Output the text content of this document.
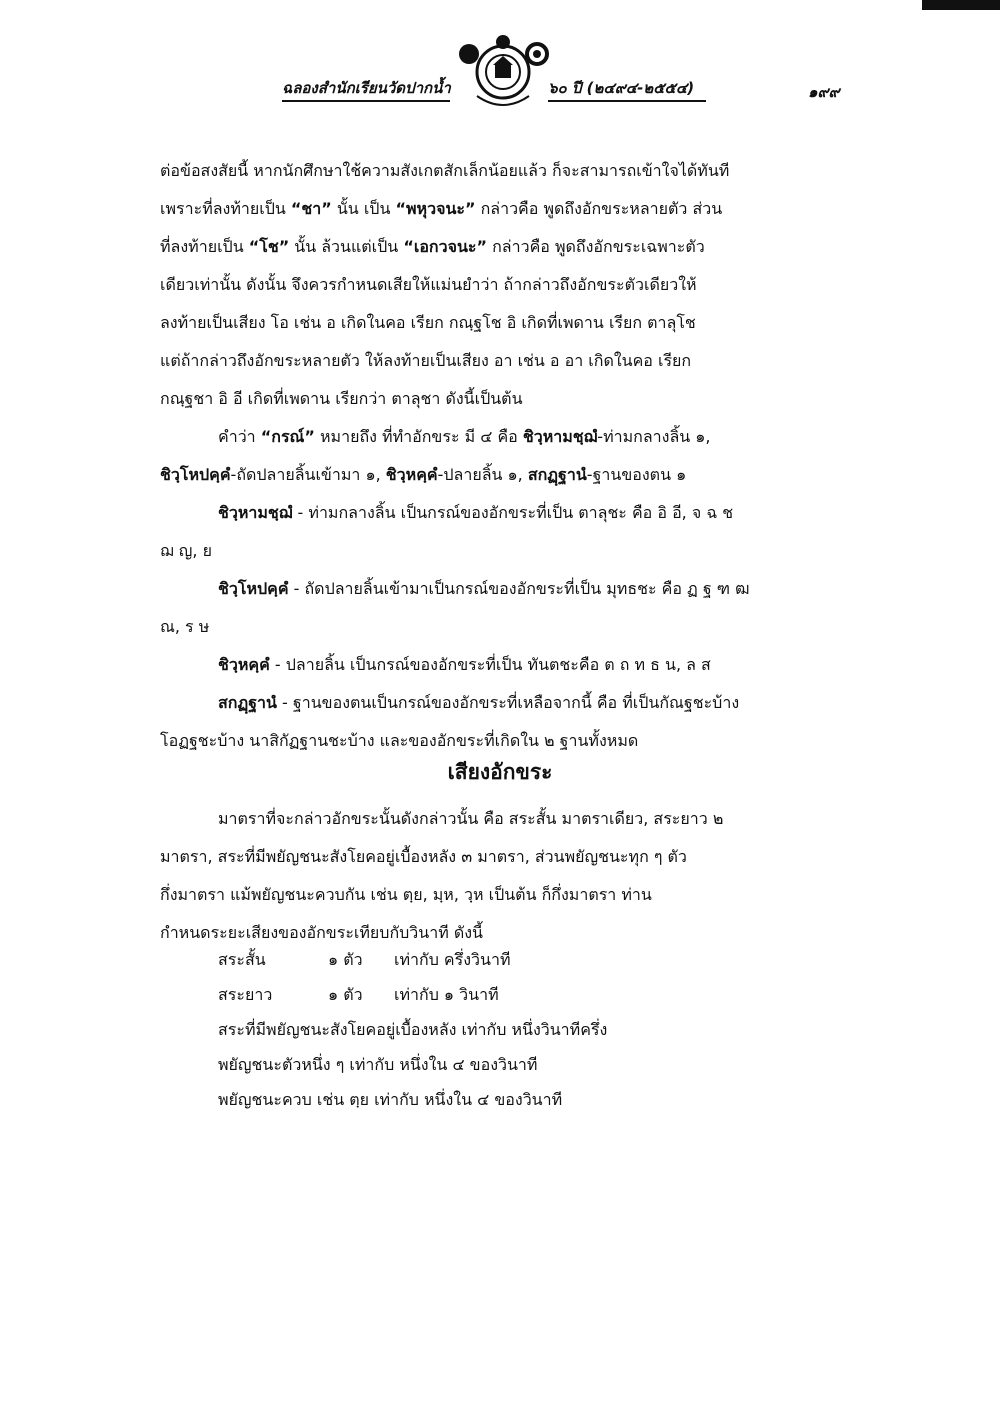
ฉลองสำนักเรียนวัดปากน้ำ	๖๐ ปี (๒๔๙๔-๒๕๕๔)	๑๙๙
ต่อข้อสงสัยนี้ หากนักศึกษาใช้ความสังเกตสักเล็กน้อยแล้ว ก็จะสามารถเข้าใจได้ทันที
เพราะที่ลงท้ายเป็น “ชา” นั้น เป็น “พหุวจนะ” กล่าวคือ พูดถึงอักขระหลายตัว ส่วน
ที่ลงท้ายเป็น “โช” นั้น ล้วนแต่เป็น “เอกวจนะ” กล่าวคือ พูดถึงอักขระเฉพาะตัว
เดียวเท่านั้น ดังนั้น จึงควรกำหนดเสียให้แม่นยำว่า ถ้ากล่าวถึงอักขระตัวเดียวให้
ลงท้ายเป็นเสียง โอ เช่น อ เกิดในคอ เรียก กณฺฐโช อิ เกิดที่เพดาน เรียก ตาลุโช
แต่ถ้ากล่าวถึงอักขระหลายตัว ให้ลงท้ายเป็นเสียง อา เช่น อ อา เกิดในคอ เรียก
กณฺฐชา อิ อี เกิดที่เพดาน เรียกว่า ตาลุชา ดังนี้เป็นต้น
คำว่า “กรณ์” หมายถึง ที่ทำอักขระ มี ๔ คือ ชิวฺหามชฺฌํ-ท่ามกลางลิ้น ๑,
ชิวฺโหปคฺคํ-ถัดปลายลิ้นเข้ามา ๑, ชิวฺหคฺคํ-ปลายลิ้น ๑, สกฏฺฐานํ-ฐานของตน ๑
ชิวฺหามชฺฌํ - ท่ามกลางลิ้น เป็นกรณ์ของอักขระที่เป็น ตาลุชะ คือ อิ อี, จ ฉ ช
ฌ ญ, ย
ชิวฺโหปคฺคํ - ถัดปลายลิ้นเข้ามาเป็นกรณ์ของอักขระที่เป็น มุทธชะ คือ ฏ ฐ ฑ ฒ
ณ, ร ษ
ชิวฺหคฺคํ - ปลายลิ้น เป็นกรณ์ของอักขระที่เป็น ทันตชะคือ ต ถ ท ธ น, ล ส
สกฏฺฐานํ - ฐานของตนเป็นกรณ์ของอักขระที่เหลือจากนี้ คือ ที่เป็นกัณฐชะบ้าง
โอฏฐชะบ้าง นาสิกัฏฐานชะบ้าง และของอักขระที่เกิดใน ๒ ฐานทั้งหมด
เสียงอักขระ
มาตราที่จะกล่าวอักขระนั้นดังกล่าวนั้น คือ สระสั้น มาตราเดียว, สระยาว ๒
มาตรา, สระที่มีพยัญชนะสังโยคอยู่เบื้องหลัง ๓ มาตรา, ส่วนพยัญชนะทุก ๆ ตัว
กึ่งมาตรา แม้พยัญชนะควบกัน เช่น ตฺย, มฺห, วฺห เป็นต้น ก็กึ่งมาตรา ท่าน
กำหนดระยะเสียงของอักขระเทียบกับวินาที ดังนี้
สระสั้น	๑ ตัว เท่ากับ ครึ่งวินาที
สระยาว	๑ ตัว เท่ากับ ๑ วินาที
สระที่มีพยัญชนะสังโยคอยู่เบื้องหลัง เท่ากับ หนึ่งวินาทีครึ่ง
พยัญชนะตัวหนึ่ง ๆ เท่ากับ หนึ่งใน ๔ ของวินาที
พยัญชนะควบ เช่น ตฺย เท่ากับ หนึ่งใน ๔ ของวินาที
